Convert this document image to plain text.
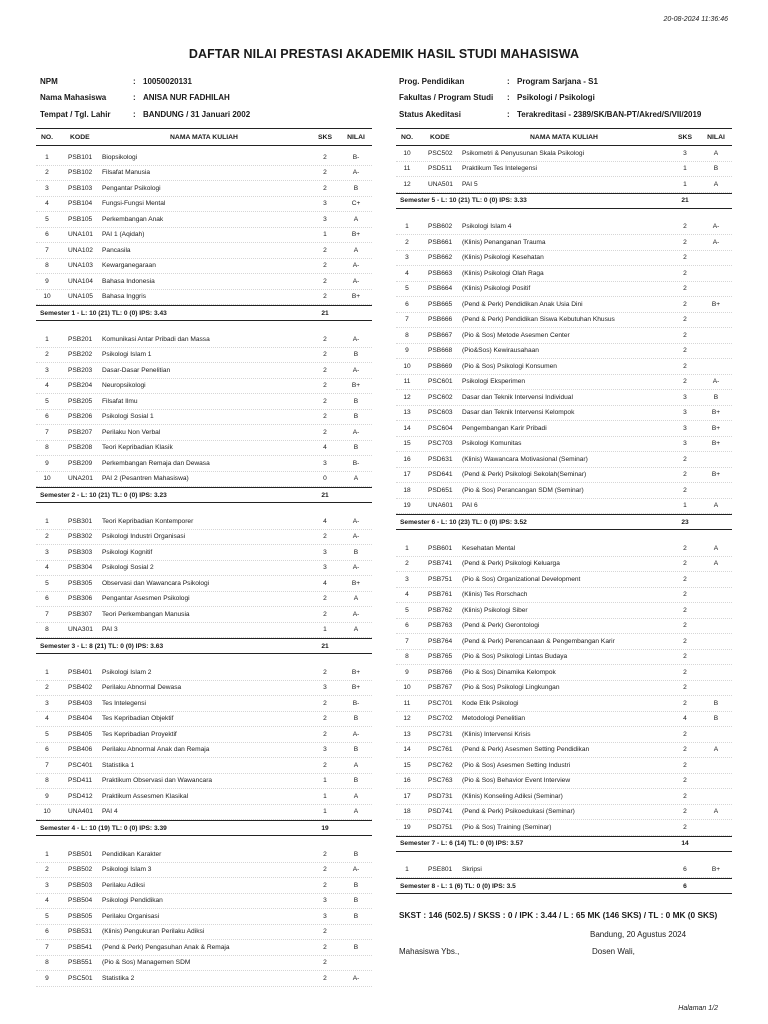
20-08-2024 11:36:46
DAFTAR NILAI PRESTASI AKADEMIK HASIL STUDI MAHASISWA
NPM	: 10050020131
Nama Mahasiswa	: ANISA NUR FADHILAH
Tempat / Tgl. Lahir	: BANDUNG / 31 Januari 2002
Prog. Pendidikan	: Program Sarjana - S1
Fakultas / Program Studi	: Psikologi / Psikologi
Status Akeditasi	: Terakreditasi - 2389/SK/BAN-PT/Akred/S/VII/2019
NO.	KODE	NAMA MATA KULIAH	SKS	NILAI
1	PSB101	Biopsikologi	2	B-
2	PSB102	Filsafat Manusia	2	A-
3	PSB103	Pengantar Psikologi	2	B
4	PSB104	Fungsi-Fungsi Mental	3	C+
5	PSB105	Perkembangan Anak	3	A
6	UNA101	PAI 1 (Aqidah)	1	B+
7	UNA102	Pancasila	2	A
8	UNA103	Kewarganegaraan	2	A-
9	UNA104	Bahasa Indonesia	2	A-
10	UNA105	Bahasa Inggris	2	B+
Semester 1 - L: 10 (21) TL: 0 (0) IPS: 3.43	21
1	PSB201	Komunikasi Antar Pribadi dan Massa	2	A-
2	PSB202	Psikologi Islam 1	2	B
3	PSB203	Dasar-Dasar Penelitian	2	A-
4	PSB204	Neuropsikologi	2	B+
5	PSB205	Filsafat Ilmu	2	B
6	PSB206	Psikologi Sosial 1	2	B
7	PSB207	Perilaku Non Verbal	2	A-
8	PSB208	Teori Kepribadian Klasik	4	B
9	PSB209	Perkembangan Remaja dan Dewasa	3	B-
10	UNA201	PAI 2 (Pesantren Mahasiswa)	0	A
Semester 2 - L: 10 (21) TL: 0 (0) IPS: 3.23	21
1	PSB301	Teori Kepribadian Kontemporer	4	A-
2	PSB302	Psikologi Industri Organisasi	2	A-
3	PSB303	Psikologi Kognitif	3	B
4	PSB304	Psikologi Sosial 2	3	A-
5	PSB305	Observasi dan Wawancara Psikologi	4	B+
6	PSB306	Pengantar Asesmen Psikologi	2	A
7	PSB307	Teori Perkembangan Manusia	2	A-
8	UNA301	PAI 3	1	A
Semester 3 - L: 8 (21) TL: 0 (0) IPS: 3.63	21
1	PSB401	Psikologi Islam 2	2	B+
2	PSB402	Perilaku Abnormal Dewasa	3	B+
3	PSB403	Tes Intelegensi	2	B-
4	PSB404	Tes Kepribadian Objektif	2	B
5	PSB405	Tes Kepribadian Proyektif	2	A-
6	PSB406	Perilaku Abnormal Anak dan Remaja	3	B
7	PSC401	Statistika 1	2	A
8	PSD411	Praktikum Observasi dan Wawancara	1	B
9	PSD412	Praktikum Assesmen Klasikal	1	A
10	UNA401	PAI 4	1	A
Semester 4 - L: 10 (19) TL: 0 (0) IPS: 3.39	19
1	PSB501	Pendidikan Karakter	2	B
2	PSB502	Psikologi Islam 3	2	A-
3	PSB503	Perilaku Adiksi	2	B
4	PSB504	Psikologi Pendidikan	3	B
5	PSB505	Perilaku Organisasi	3	B
6	PSB531	(Klinis) Pengukuran Perilaku Adiksi	2
7	PSB541	(Pend & Perk) Pengasuhan Anak & Remaja	2	B
8	PSB551	(Pio & Sos) Managemen SDM	2
9	PSC501	Statistika 2	2	A-
NO.	KODE	NAMA MATA KULIAH	SKS	NILAI
10	PSC502	Psikometri & Penyusunan Skala Psikologi	3	A
11	PSD511	Praktikum Tes Intelegensi	1	B
12	UNA501	PAI 5	1	A
Semester 5 - L: 10 (21) TL: 0 (0) IPS: 3.33	21
1	PSB602	Psikologi Islam 4	2	A-
2	PSB661	(Klinis) Penanganan Trauma	2	A-
3	PSB662	(Klinis) Psikologi Kesehatan	2
4	PSB663	(Klinis) Psikologi Olah Raga	2
5	PSB664	(Klinis) Psikologi Positif	2
6	PSB665	(Pend & Perk) Pendidikan Anak Usia Dini	2	B+
7	PSB666	(Pend & Perk) Pendidikan Siswa Kebutuhan Khusus	2
8	PSB667	(Pio & Sos) Metode Asesmen Center	2
9	PSB668	(Pio&Sos) Kewirausahaan	2
10	PSB669	(Pio & Sos) Psikologi Konsumen	2
11	PSC601	Psikologi Eksperimen	2	A-
12	PSC602	Dasar dan Teknik Intervensi Individual	3	B
13	PSC603	Dasar dan Teknik Intervensi Kelompok	3	B+
14	PSC604	Pengembangan Karir Pribadi	3	B+
15	PSC703	Psikologi Komunitas	3	B+
16	PSD631	(Klinis) Wawancara Motivasional (Seminar)	2
17	PSD641	(Pend & Perk) Psikologi Sekolah(Seminar)	2	B+
18	PSD651	(Pio & Sos) Perancangan SDM (Seminar)	2
19	UNA601	PAI 6	1	A
Semester 6 - L: 10 (23) TL: 0 (0) IPS: 3.52	23
1	PSB601	Kesehatan Mental	2	A
2	PSB741	(Pend & Perk) Psikologi Keluarga	2	A
3	PSB751	(Pio & Sos) Organizational Development	2
4	PSB761	(Klinis) Tes Rorschach	2
5	PSB762	(Klinis) Psikologi Siber	2
6	PSB763	(Pend & Perk) Gerontologi	2
7	PSB764	(Pend & Perk) Perencanaan & Pengembangan Karir	2
8	PSB765	(Pio & Sos) Psikologi Lintas Budaya	2
9	PSB766	(Pio & Sos) Dinamika Kelompok	2
10	PSB767	(Pio & Sos) Psikologi Lingkungan	2
11	PSC701	Kode Etik Psikologi	2	B
12	PSC702	Metodologi Penelitian	4	B
13	PSC731	(Klinis) Intervensi Krisis	2
14	PSC761	(Pend & Perk) Asesmen Setting Pendidikan	2	A
15	PSC762	(Pio & Sos) Asesmen Setting Industri	2
16	PSC763	(Pio & Sos) Behavior Event Interview	2
17	PSD731	(Klinis) Konseling Adiksi (Seminar)	2
18	PSD741	(Pend & Perk) Psikoedukasi (Seminar)	2	A
19	PSD751	(Pio & Sos) Training (Seminar)	2
Semester 7 - L: 6 (14) TL: 0 (0) IPS: 3.57	14
1	PSE801	Skripsi	6	B+
Semester 8 - L: 1 (6) TL: 0 (0) IPS: 3.5	6
SKST : 146 (502.5) / SKSS : 0 / IPK : 3.44 / L : 65 MK (146 SKS) / TL : 0 MK (0 SKS)
Bandung, 20 Agustus 2024
Mahasiswa Ybs.,	Dosen Wali,
Halaman 1/2
